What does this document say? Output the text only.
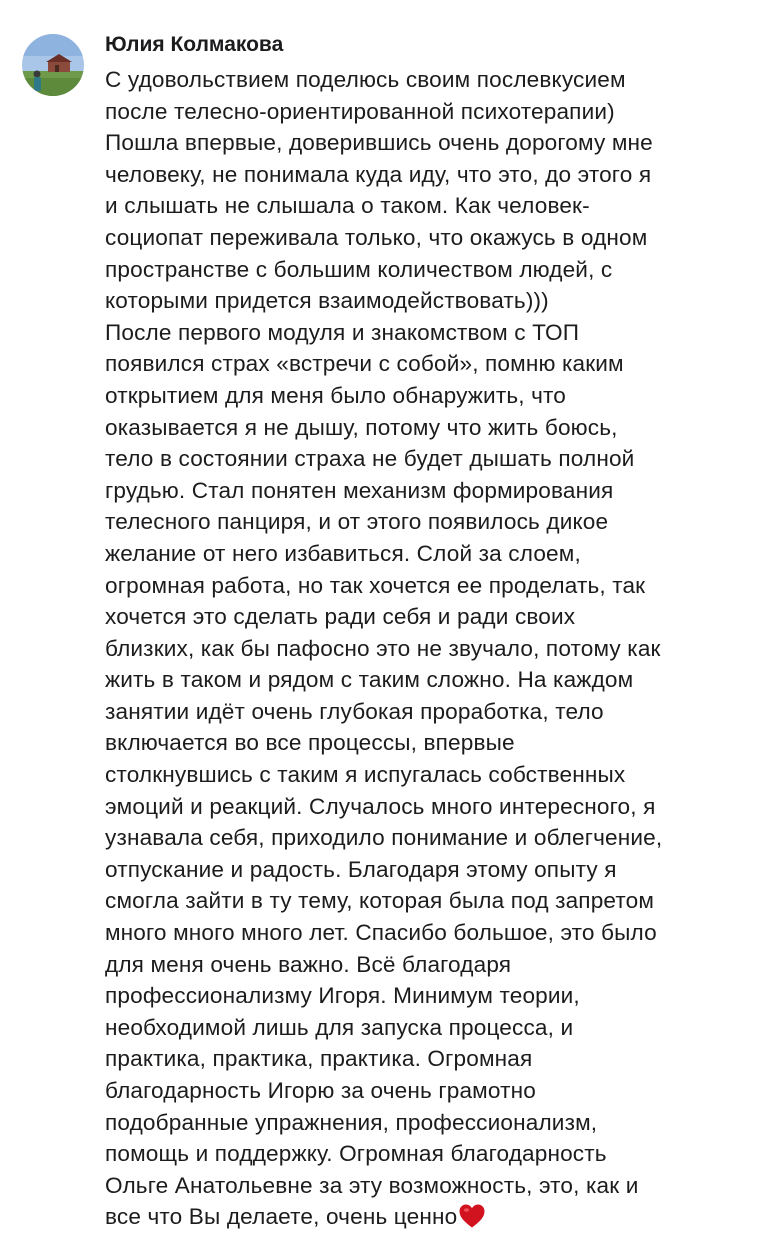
Юлия Колмакова
С удовольствием поделюсь своим послевкусием
после телесно-ориентированной психотерапии)
Пошла впервые, доверившись очень дорогому мне
человеку, не понимала куда иду, что это, до этого я
и слышать не слышала о таком. Как человек-
социопат переживала только, что окажусь в одном
пространстве с большим количеством людей, с
которыми придется взаимодействовать)))
После первого модуля и знакомством с ТОП
появился страх «встречи с собой», помню каким
открытием для меня было обнаружить, что
оказывается я не дышу, потому что жить боюсь,
тело в состоянии страха не будет дышать полной
грудью. Стал понятен механизм формирования
телесного панциря, и от этого появилось дикое
желание от него избавиться. Слой за слоем,
огромная работа, но так хочется ее проделать, так
хочется это сделать ради себя и ради своих
близких, как бы пафосно это не звучало, потому как
жить в таком и рядом с таким сложно. На каждом
занятии идёт очень глубокая проработка, тело
включается во все процессы, впервые
столкнувшись с таким я испугалась собственных
эмоций и реакций. Случалось много интересного, я
узнавала себя, приходило понимание и облегчение,
отпускание и радость. Благодаря этому опыту я
смогла зайти в ту тему, которая была под запретом
много много много лет. Спасибо большое, это было
для меня очень важно. Всё благодаря
профессионализму Игоря. Минимум теории,
необходимой лишь для запуска процесса, и
практика, практика, практика. Огромная
благодарность Игорю за очень грамотно
подобранные упражнения, профессионализм,
помощь и поддержку. Огромная благодарность
Ольге Анатольевне за эту возможность, это, как и
все что Вы делаете, очень ценно
